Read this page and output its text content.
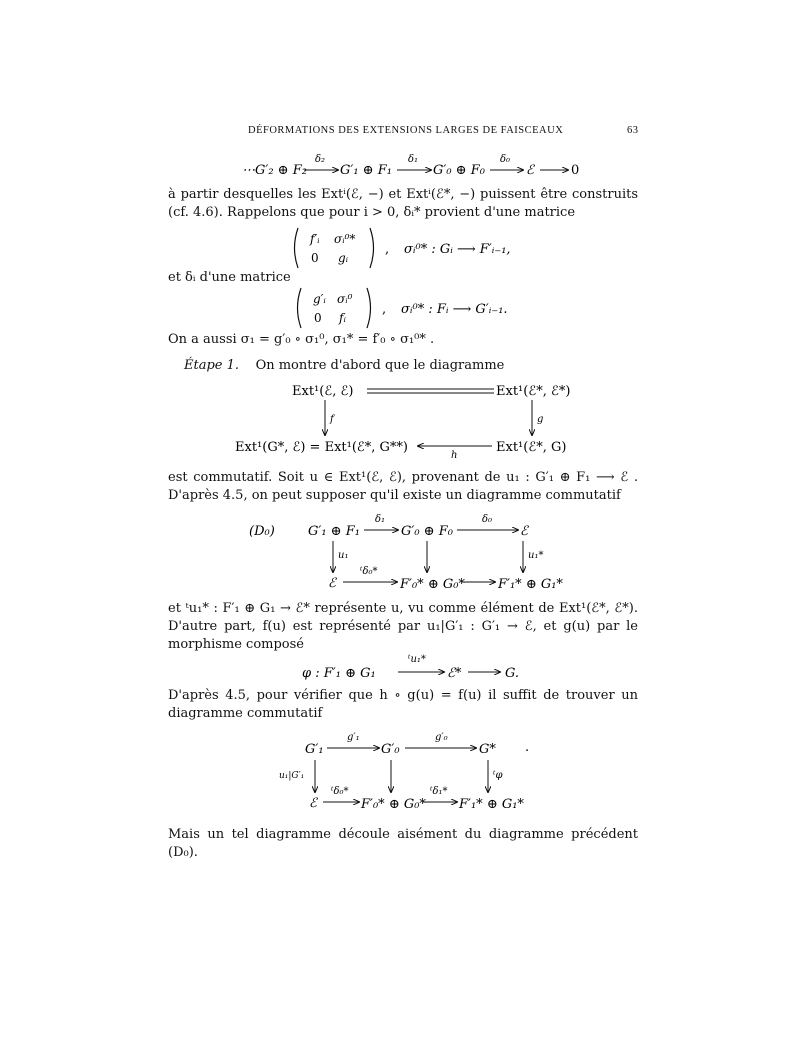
DÉFORMATIONS DES EXTENSIONS LARGES DE FAISCEAUX	63
⋯G′₂ ⊕ F₂
δ₂
G′₁ ⊕ F₁
δ₁
G′₀ ⊕ F₀
δ₀
ℰ	0
à partir desquelles les Extⁱ(ℰ, −) et Extⁱ(ℰ*, −) puissent être construits (cf. 4.6). Rappelons que pour i > 0, δᵢ* provient d'une matrice
f′ᵢ σᵢ⁰*
0 gᵢ
, σᵢ⁰* : Gᵢ ⟶ F′ᵢ₋₁,
et δᵢ d'une matrice
g′ᵢ σᵢ⁰
0 fᵢ
, σᵢ⁰* : Fᵢ ⟶ G′ᵢ₋₁.
On a aussi σ₁ = g′₀ ∘ σ₁⁰, σ₁* = f′₀ ∘ σ₁⁰* .
Étape 1. On montre d'abord que le diagramme
Ext¹(ℰ, ℰ)	Ext¹(ℰ*, ℰ*)
f	g
Ext¹(G*, ℰ) = Ext¹(ℰ*, G**)
h
Ext¹(ℰ*, G)
est commutatif. Soit u ∈ Ext¹(ℰ, ℰ), provenant de u₁ : G′₁ ⊕ F₁ ⟶ ℰ . D'après 4.5, on peut supposer qu'il existe un diagramme commutatif
(D₀)	G′₁ ⊕ F₁
δ₁
G′₀ ⊕ F₀
δ₀
ℰ
u₁	u₁*
ℰ
ᵗδ₀*
F′₀* ⊕ G₀*	F′₁* ⊕ G₁*
et ᵗu₁* : F′₁ ⊕ G₁ → ℰ* représente u, vu comme élément de Ext¹(ℰ*, ℰ*). D'autre part, f(u) est représenté par u₁|G′₁ : G′₁ → ℰ, et g(u) par le morphisme composé
φ : F′₁ ⊕ G₁
ᵗu₁*
ℰ*	G.
D'après 4.5, pour vérifier que h ∘ g(u) = f(u) il suffit de trouver un diagramme commutatif
G′₁
g′₁
G′₀
g′₀
G* .
u₁|G′₁	ᵗφ
ℰ
ᵗδ₀*
F′₀* ⊕ G₀*
ᵗδ₁*
F′₁* ⊕ G₁*
Mais un tel diagramme découle aisément du diagramme précédent (D₀).
